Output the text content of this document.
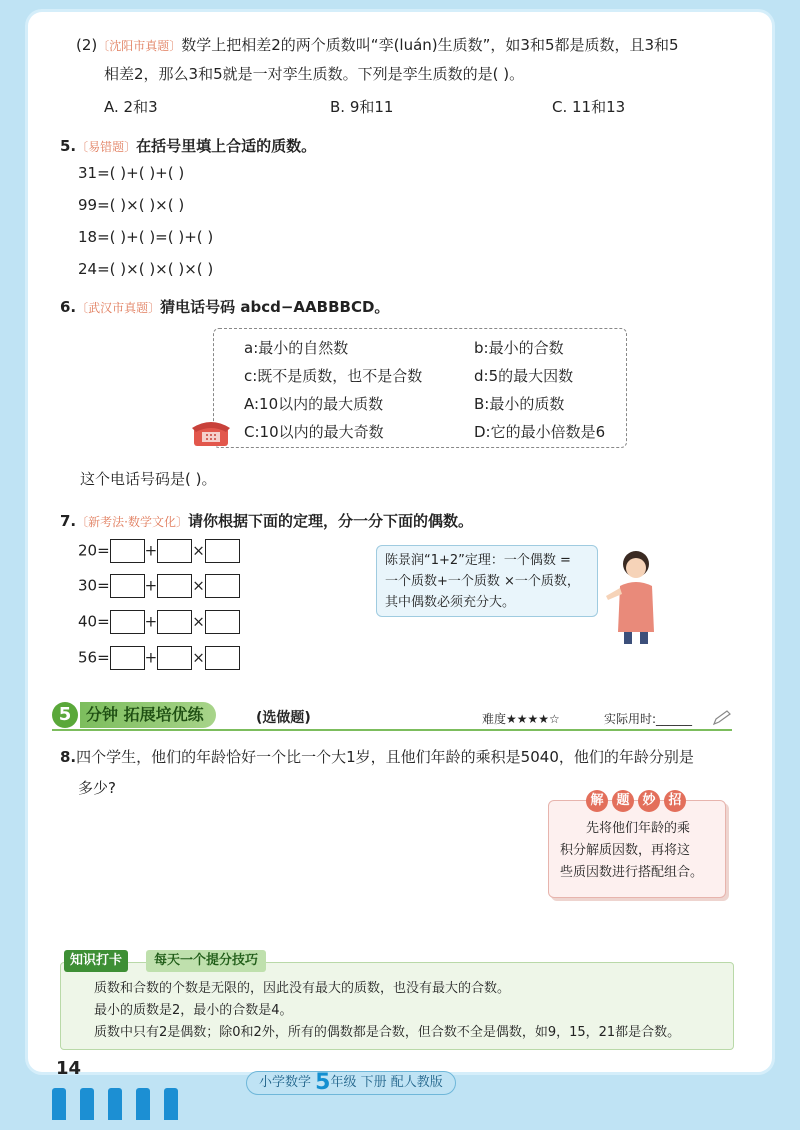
(2)〔沈阳市真题〕数学上把相差2的两个质数叫“孪(luán)生质数”，如3和5都是质数，且3和5
相差2，那么3和5就是一对孪生质数。下列是孪生质数的是( )。
A. 2和3	B. 9和11	C. 11和13
5.〔易错题〕在括号里填上合适的质数。
31=( )+( )+( )
99=( )×( )×( )
18=( )+( )=( )+( )
24=( )×( )×( )×( )
6.〔武汉市真题〕猜电话号码 abcd−AABBBCD。
a:最小的自然数	b:最小的合数
c:既不是质数，也不是合数	d:5的最大因数
A:10以内的最大质数	B:最小的质数
C:10以内的最大奇数	D:它的最小倍数是6
这个电话号码是( )。
7.〔新考法·数学文化〕请你根据下面的定理，分一分下面的偶数。
20= + ×
30= + ×
40= + ×
56= + ×
陈景润“1+2”定理：一个偶数 =
一个质数+一个质数 ×一个质数，
其中偶数必须充分大。
5 分钟 拓展培优练	(选做题)	难度★★★★☆	实际用时:______
8.四个学生，他们的年龄恰好一个比一个大1岁，且他们年龄的乘积是5040，他们的年龄分别是
多少?
解 题 妙 招
先将他们年龄的乘
积分解质因数，再将这
些质因数进行搭配组合。
知识打卡	每天一个提分技巧
质数和合数的个数是无限的，因此没有最大的质数，也没有最大的合数。
最小的质数是2，最小的合数是4。
质数中只有2是偶数；除0和2外，所有的偶数都是合数，但合数不全是偶数，如9，15，21都是合数。
14
小学数学 5年级 下册 配人教版
